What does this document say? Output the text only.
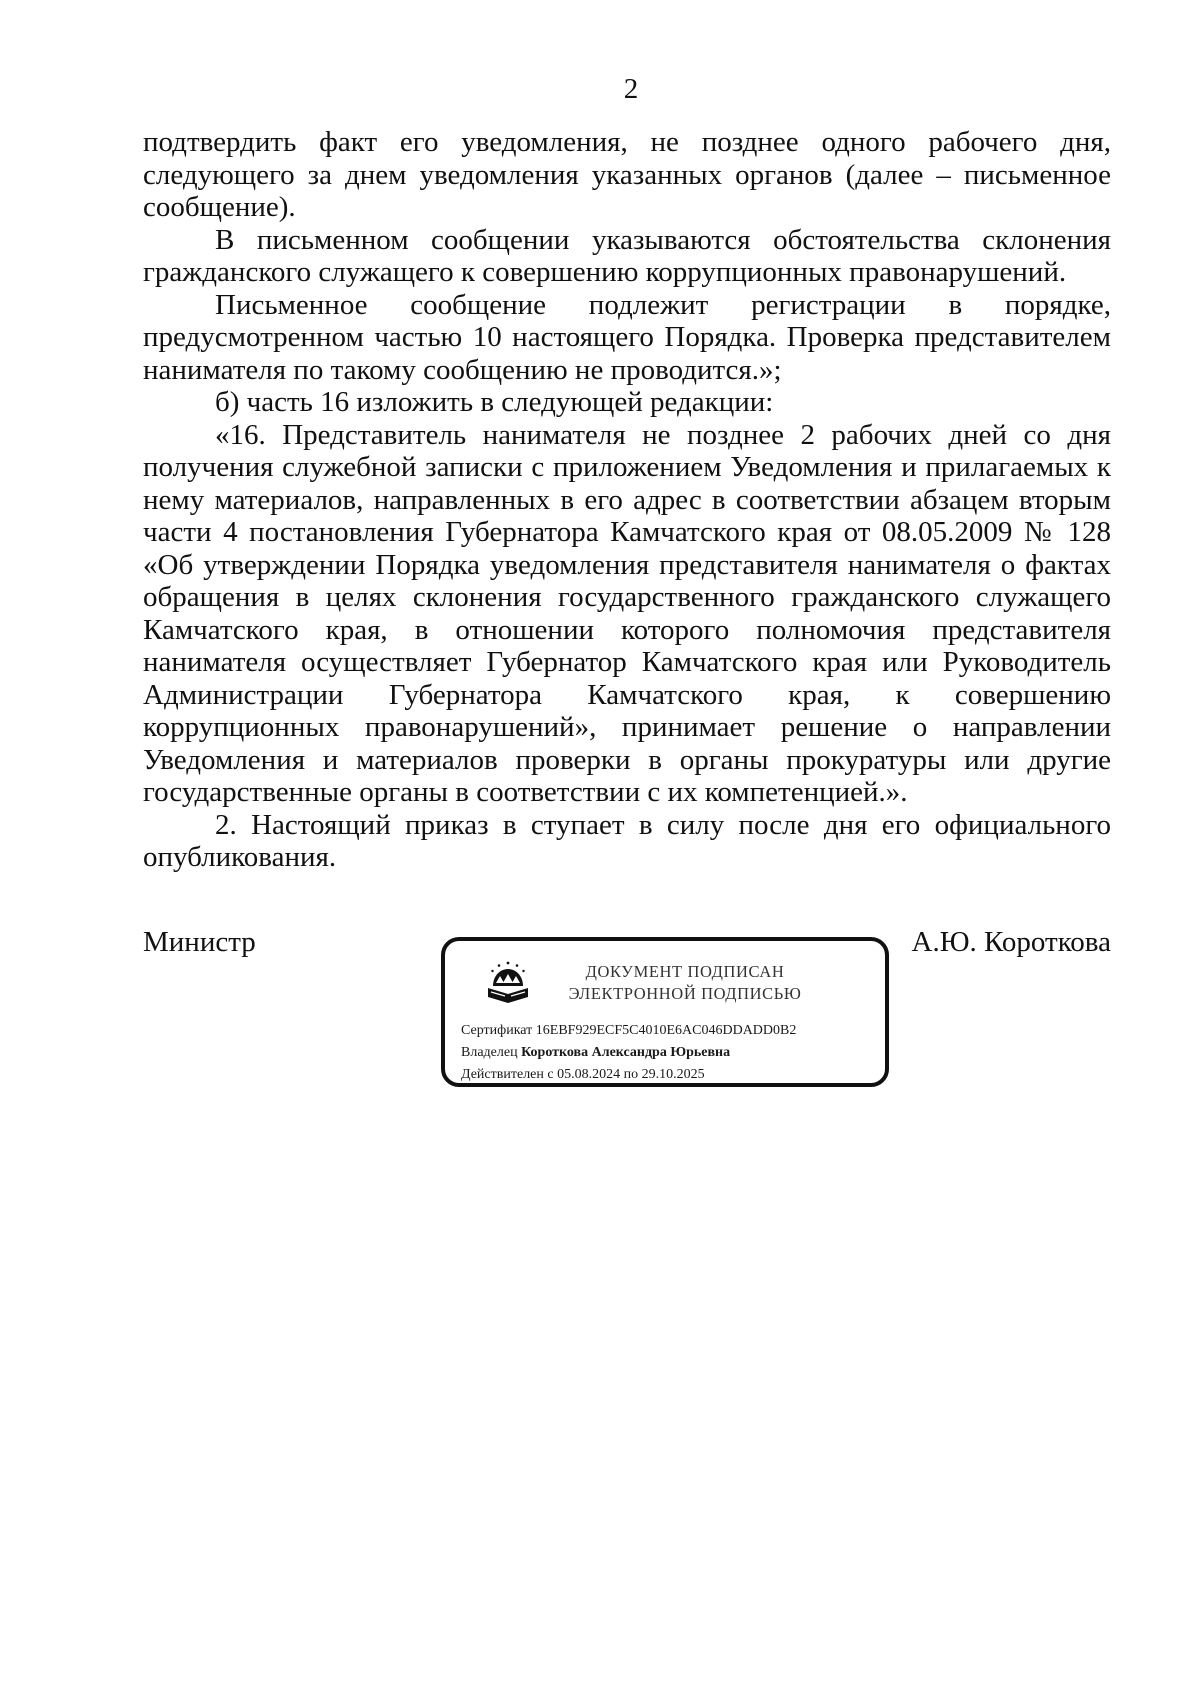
2

подтвердить факт его уведомления, не позднее одного рабочего дня, следующего за днем уведомления указанных органов (далее – письменное сообщение).

В письменном сообщении указываются обстоятельства склонения гражданского служащего к совершению коррупционных правонарушений.

Письменное сообщение подлежит регистрации в порядке, предусмотренном частью 10 настоящего Порядка. Проверка представителем нанимателя по такому сообщению не проводится.»;

б) часть 16 изложить в следующей редакции:

«16. Представитель нанимателя не позднее 2 рабочих дней со дня получения служебной записки с приложением Уведомления и прилагаемых к нему материалов, направленных в его адрес в соответствии абзацем вторым части 4 постановления Губернатора Камчатского края от 08.05.2009 № 128 «Об утверждении Порядка уведомления представителя нанимателя о фактах обращения в целях склонения государственного гражданского служащего Камчатского края, в отношении которого полномочия представителя нанимателя осуществляет Губернатор Камчатского края или Руководитель Администрации Губернатора Камчатского края, к совершению коррупционных правонарушений», принимает решение о направлении Уведомления и материалов проверки в органы прокуратуры или другие государственные органы в соответствии с их компетенцией.».

2. Настоящий приказ в ступает в силу после дня его официального опубликования.

Министр
ДОКУМЕНТ ПОДПИСАН
ЭЛЕКТРОННОЙ ПОДПИСЬЮ
Сертификат 16EBF929ECF5C4010E6AC046DDADD0B2
Владелец Короткова Александра Юрьевна
Действителен с 05.08.2024 по 29.10.2025
А.Ю. Короткова
